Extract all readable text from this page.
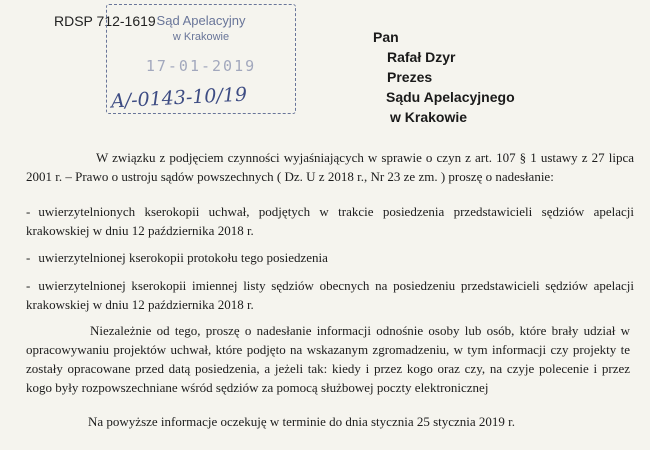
RDSP 712-1619 Sąd Apelacyjny
w Krakowie
17-01-2019
A/-0143-10/19
Pan
Rafał Dzyr
Prezes
Sądu Apelacyjnego
w Krakowie
W związku z podjęciem czynności wyjaśniających w sprawie o czyn z art. 107 § 1 ustawy z 27 lipca 2001 r. – Prawo o ustroju sądów powszechnych ( Dz. U z 2018 r., Nr 23 ze zm. ) proszę o nadesłanie:
- uwierzytelnionych kserokopii uchwał, podjętych w trakcie posiedzenia przedstawicieli sędziów apelacji krakowskiej w dniu 12 października 2018 r.
- uwierzytelnionej kserokopii protokołu tego posiedzenia
- uwierzytelnionej kserokopii imiennej listy sędziów obecnych na posiedzeniu przedstawicieli sędziów apelacji krakowskiej w dniu 12 października 2018 r.
Niezależnie od tego, proszę o nadesłanie informacji odnośnie osoby lub osób, które brały udział w opracowywaniu projektów uchwał, które podjęto na wskazanym zgromadzeniu, w tym informacji czy projekty te zostały opracowane przed datą posiedzenia, a jeżeli tak: kiedy i przez kogo oraz czy, na czyje polecenie i przez kogo były rozpowszechniane wśród sędziów za pomocą służbowej poczty elektronicznej
Na powyższe informacje oczekuję w terminie do dnia stycznia 25 stycznia 2019 r.
